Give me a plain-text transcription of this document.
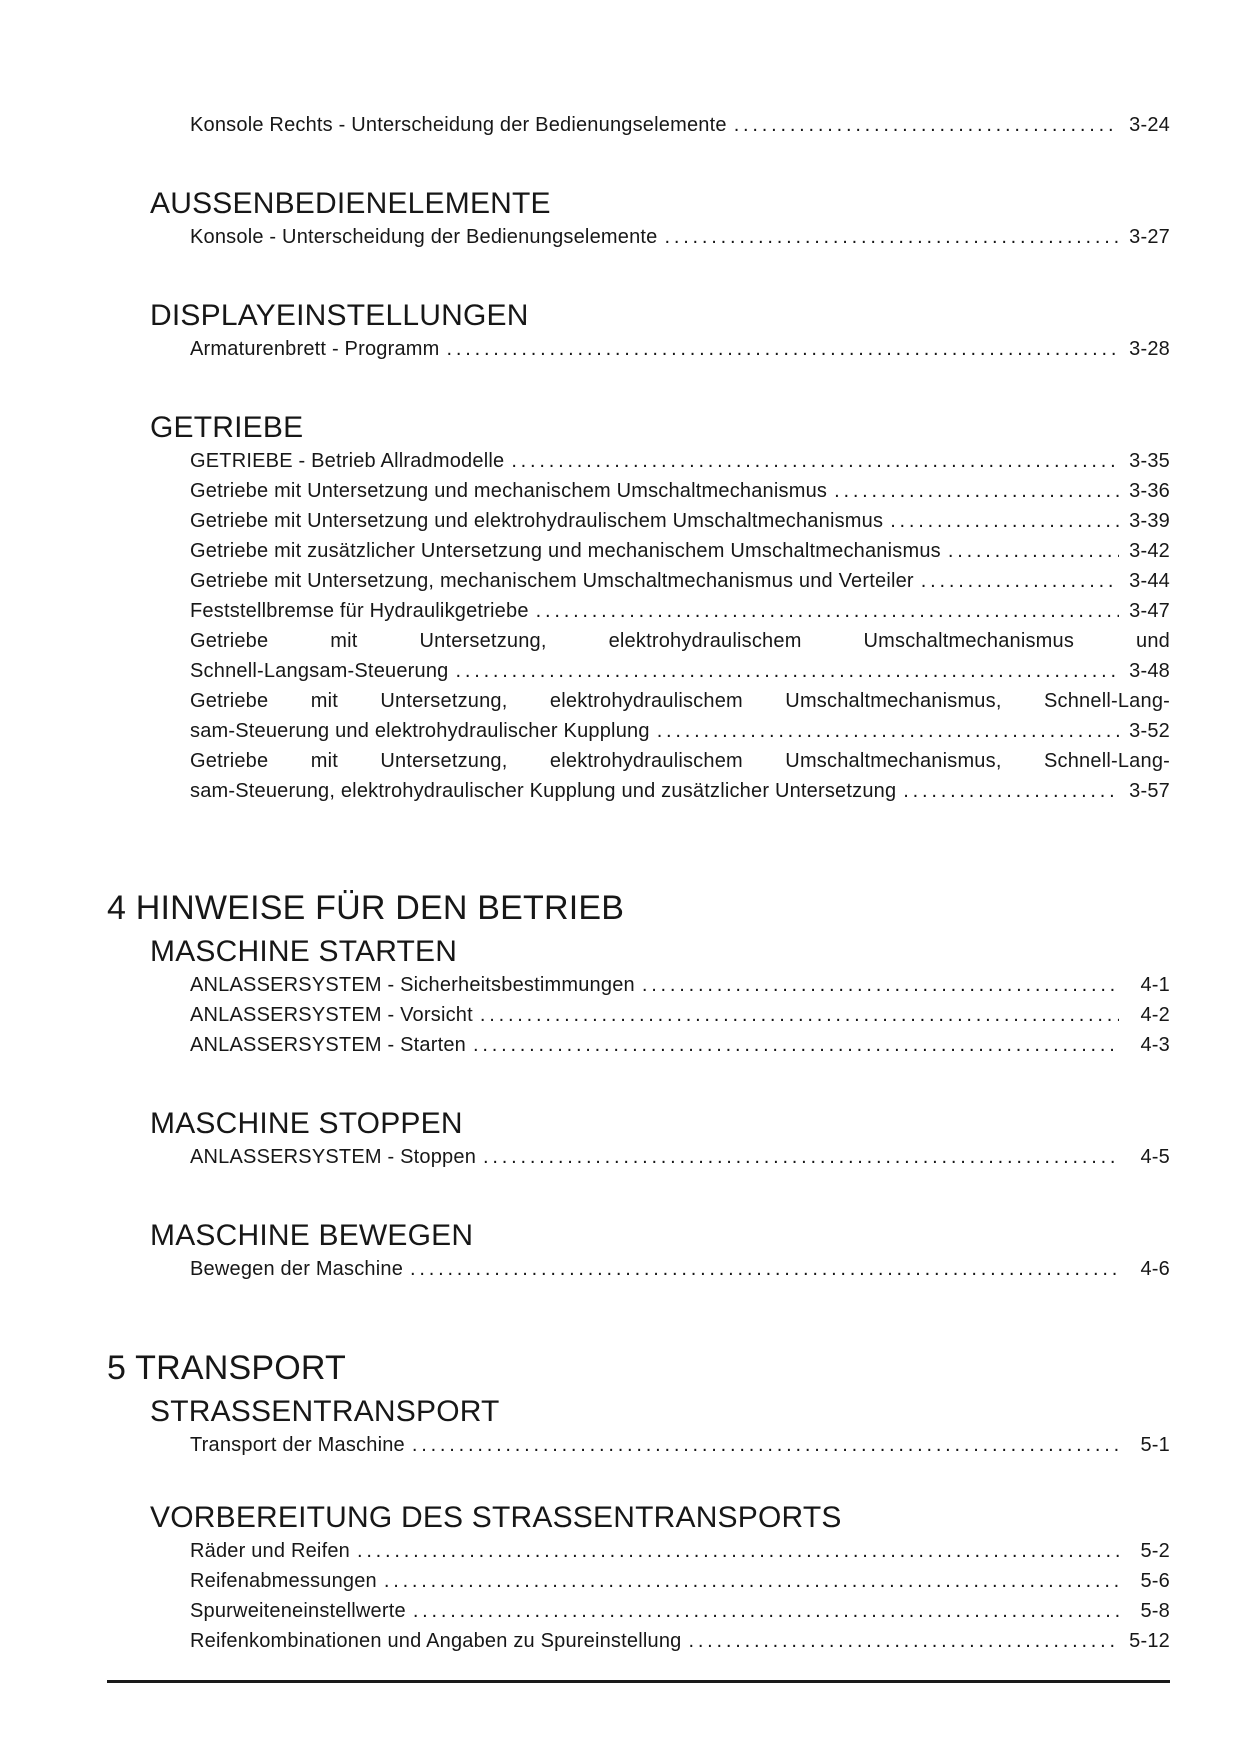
Konsole Rechts - Unterscheidung der Bedienungselemente .....	3-24
AUSSENBEDIENELEMENTE
Konsole - Unterscheidung der Bedienungselemente .....	3-27
DISPLAYEINSTELLUNGEN
Armaturenbrett - Programm .....	3-28
GETRIEBE
GETRIEBE - Betrieb Allradmodelle .....	3-35
Getriebe mit Untersetzung und mechanischem Umschaltmechanismus .....	3-36
Getriebe mit Untersetzung und elektrohydraulischem Umschaltmechanismus .....	3-39
Getriebe mit zusätzlicher Untersetzung und mechanischem Umschaltmechanismus .....	3-42
Getriebe mit Untersetzung, mechanischem Umschaltmechanismus und Verteiler .....	3-44
Feststellbremse für Hydraulikgetriebe .....	3-47
Getriebe mit Untersetzung, elektrohydraulischem Umschaltmechanismus und
Schnell-Langsam-Steuerung .....	3-48
Getriebe mit Untersetzung, elektrohydraulischem Umschaltmechanismus, Schnell-Lang-
sam-Steuerung und elektrohydraulischer Kupplung .....	3-52
Getriebe mit Untersetzung, elektrohydraulischem Umschaltmechanismus, Schnell-Lang-
sam-Steuerung, elektrohydraulischer Kupplung und zusätzlicher Untersetzung .....	3-57
4 HINWEISE FÜR DEN BETRIEB
MASCHINE STARTEN
ANLASSERSYSTEM - Sicherheitsbestimmungen .....	4-1
ANLASSERSYSTEM - Vorsicht .....	4-2
ANLASSERSYSTEM - Starten .....	4-3
MASCHINE STOPPEN
ANLASSERSYSTEM - Stoppen .....	4-5
MASCHINE BEWEGEN
Bewegen der Maschine .....	4-6
5 TRANSPORT
STRASSENTRANSPORT
Transport der Maschine .....	5-1
VORBEREITUNG DES STRASSENTRANSPORTS
Räder und Reifen .....	5-2
Reifenabmessungen .....	5-6
Spurweiteneinstellwerte .....	5-8
Reifenkombinationen und Angaben zu Spureinstellung .....	5-12
